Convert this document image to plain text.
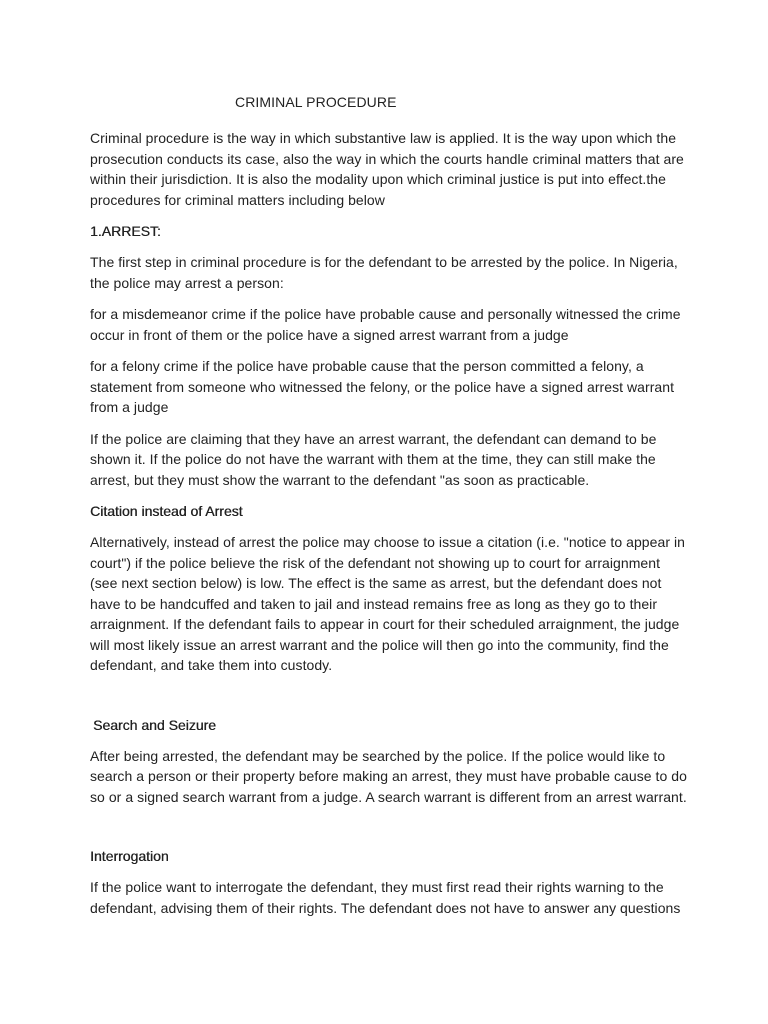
CRIMINAL PROCEDURE

Criminal procedure is the way in which substantive law is applied. It is the way upon which the prosecution conducts its case, also the way in which the courts handle criminal matters that are within their jurisdiction. It is also the modality upon which criminal justice is put into effect.the procedures for criminal matters including below

1.ARREST:

The first step in criminal procedure is for the defendant to be arrested by the police. In Nigeria, the police may arrest a person:

for a misdemeanor crime if the police have probable cause and personally witnessed the crime occur in front of them or the police have a signed arrest warrant from a judge

for a felony crime if the police have probable cause that the person committed a felony, a statement from someone who witnessed the felony, or the police have a signed arrest warrant from a judge

If the police are claiming that they have an arrest warrant, the defendant can demand to be shown it. If the police do not have the warrant with them at the time, they can still make the arrest, but they must show the warrant to the defendant "as soon as practicable.

Citation instead of Arrest

Alternatively, instead of arrest the police may choose to issue a citation (i.e. "notice to appear in court") if the police believe the risk of the defendant not showing up to court for arraignment (see next section below) is low. The effect is the same as arrest, but the defendant does not have to be handcuffed and taken to jail and instead remains free as long as they go to their arraignment. If the defendant fails to appear in court for their scheduled arraignment, the judge will most likely issue an arrest warrant and the police will then go into the community, find the defendant, and take them into custody.

Search and Seizure

After being arrested, the defendant may be searched by the police. If the police would like to search a person or their property before making an arrest, they must have probable cause to do so or a signed search warrant from a judge. A search warrant is different from an arrest warrant.

Interrogation

If the police want to interrogate the defendant, they must first read their rights warning to the defendant, advising them of their rights. The defendant does not have to answer any questions
